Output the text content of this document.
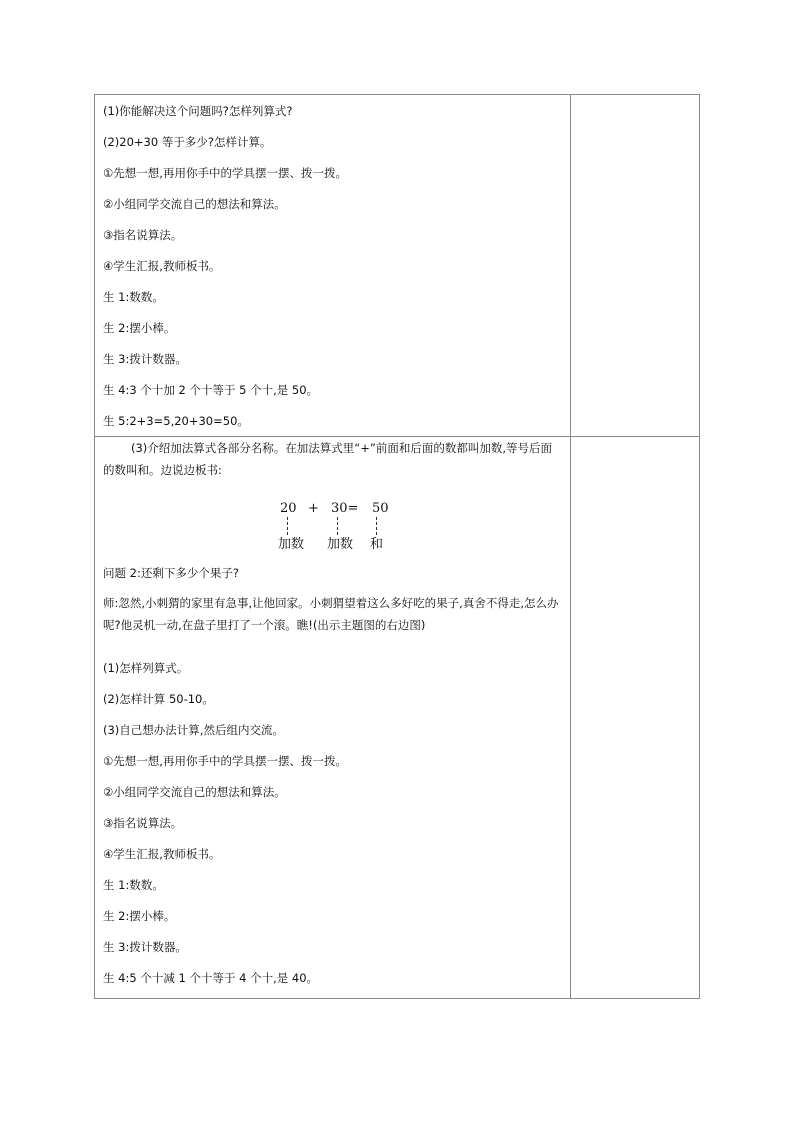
(1)你能解决这个问题吗?怎样列算式?
(2)20+30 等于多少?怎样计算。
①先想一想,再用你手中的学具摆一摆、拨一拨。
②小组同学交流自己的想法和算法。
③指名说算法。
④学生汇报,教师板书。
生 1:数数。
生 2:摆小棒。
生 3:拨计数器。
生 4:3 个十加 2 个十等于 5 个十,是 50。
生 5:2+3=5,20+30=50。
(3)介绍加法算式各部分名称。在加法算式里“+”前面和后面的数都叫加数,等号后面的数叫和。边说边板书:
20 + 30= 50
加数 加数 和
问题 2:还剩下多少个果子?
师:忽然,小刺猬的家里有急事,让他回家。小刺猬望着这么多好吃的果子,真舍不得走,怎么办呢?他灵机一动,在盘子里打了一个滚。瞧!(出示主题图的右边图)
(1)怎样列算式。
(2)怎样计算 50-10。
(3)自己想办法计算,然后组内交流。
①先想一想,再用你手中的学具摆一摆、拨一拨。
②小组同学交流自己的想法和算法。
③指名说算法。
④学生汇报,教师板书。
生 1:数数。
生 2:摆小棒。
生 3:拨计数器。
生 4:5 个十减 1 个十等于 4 个十,是 40。
